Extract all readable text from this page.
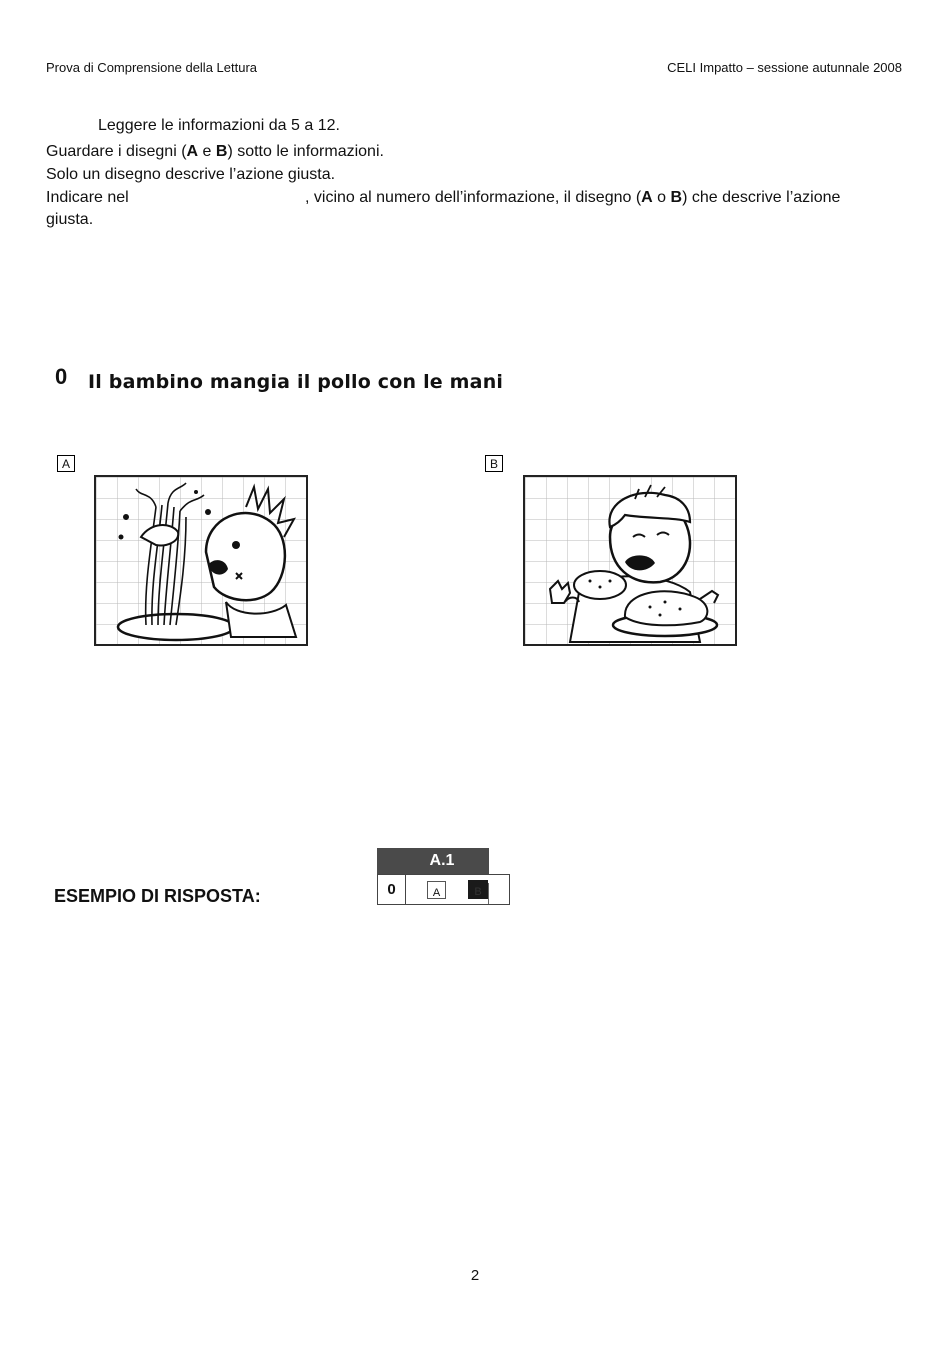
Prova di Comprensione della Lettura	CELI Impatto – sessione autunnale 2008
Leggere le informazioni da 5 a 12.
Guardare i disegni (A e B) sotto le informazioni.
Solo un disegno descrive l’azione giusta.
Indicare nel	, vicino al numero dell’informazione, il disegno (A o B) che descrive l’azione
giusta.
0 Il bambino mangia il pollo con le mani
A	B
ESEMPIO DI RISPOSTA:
A.1
0	A	B
2
